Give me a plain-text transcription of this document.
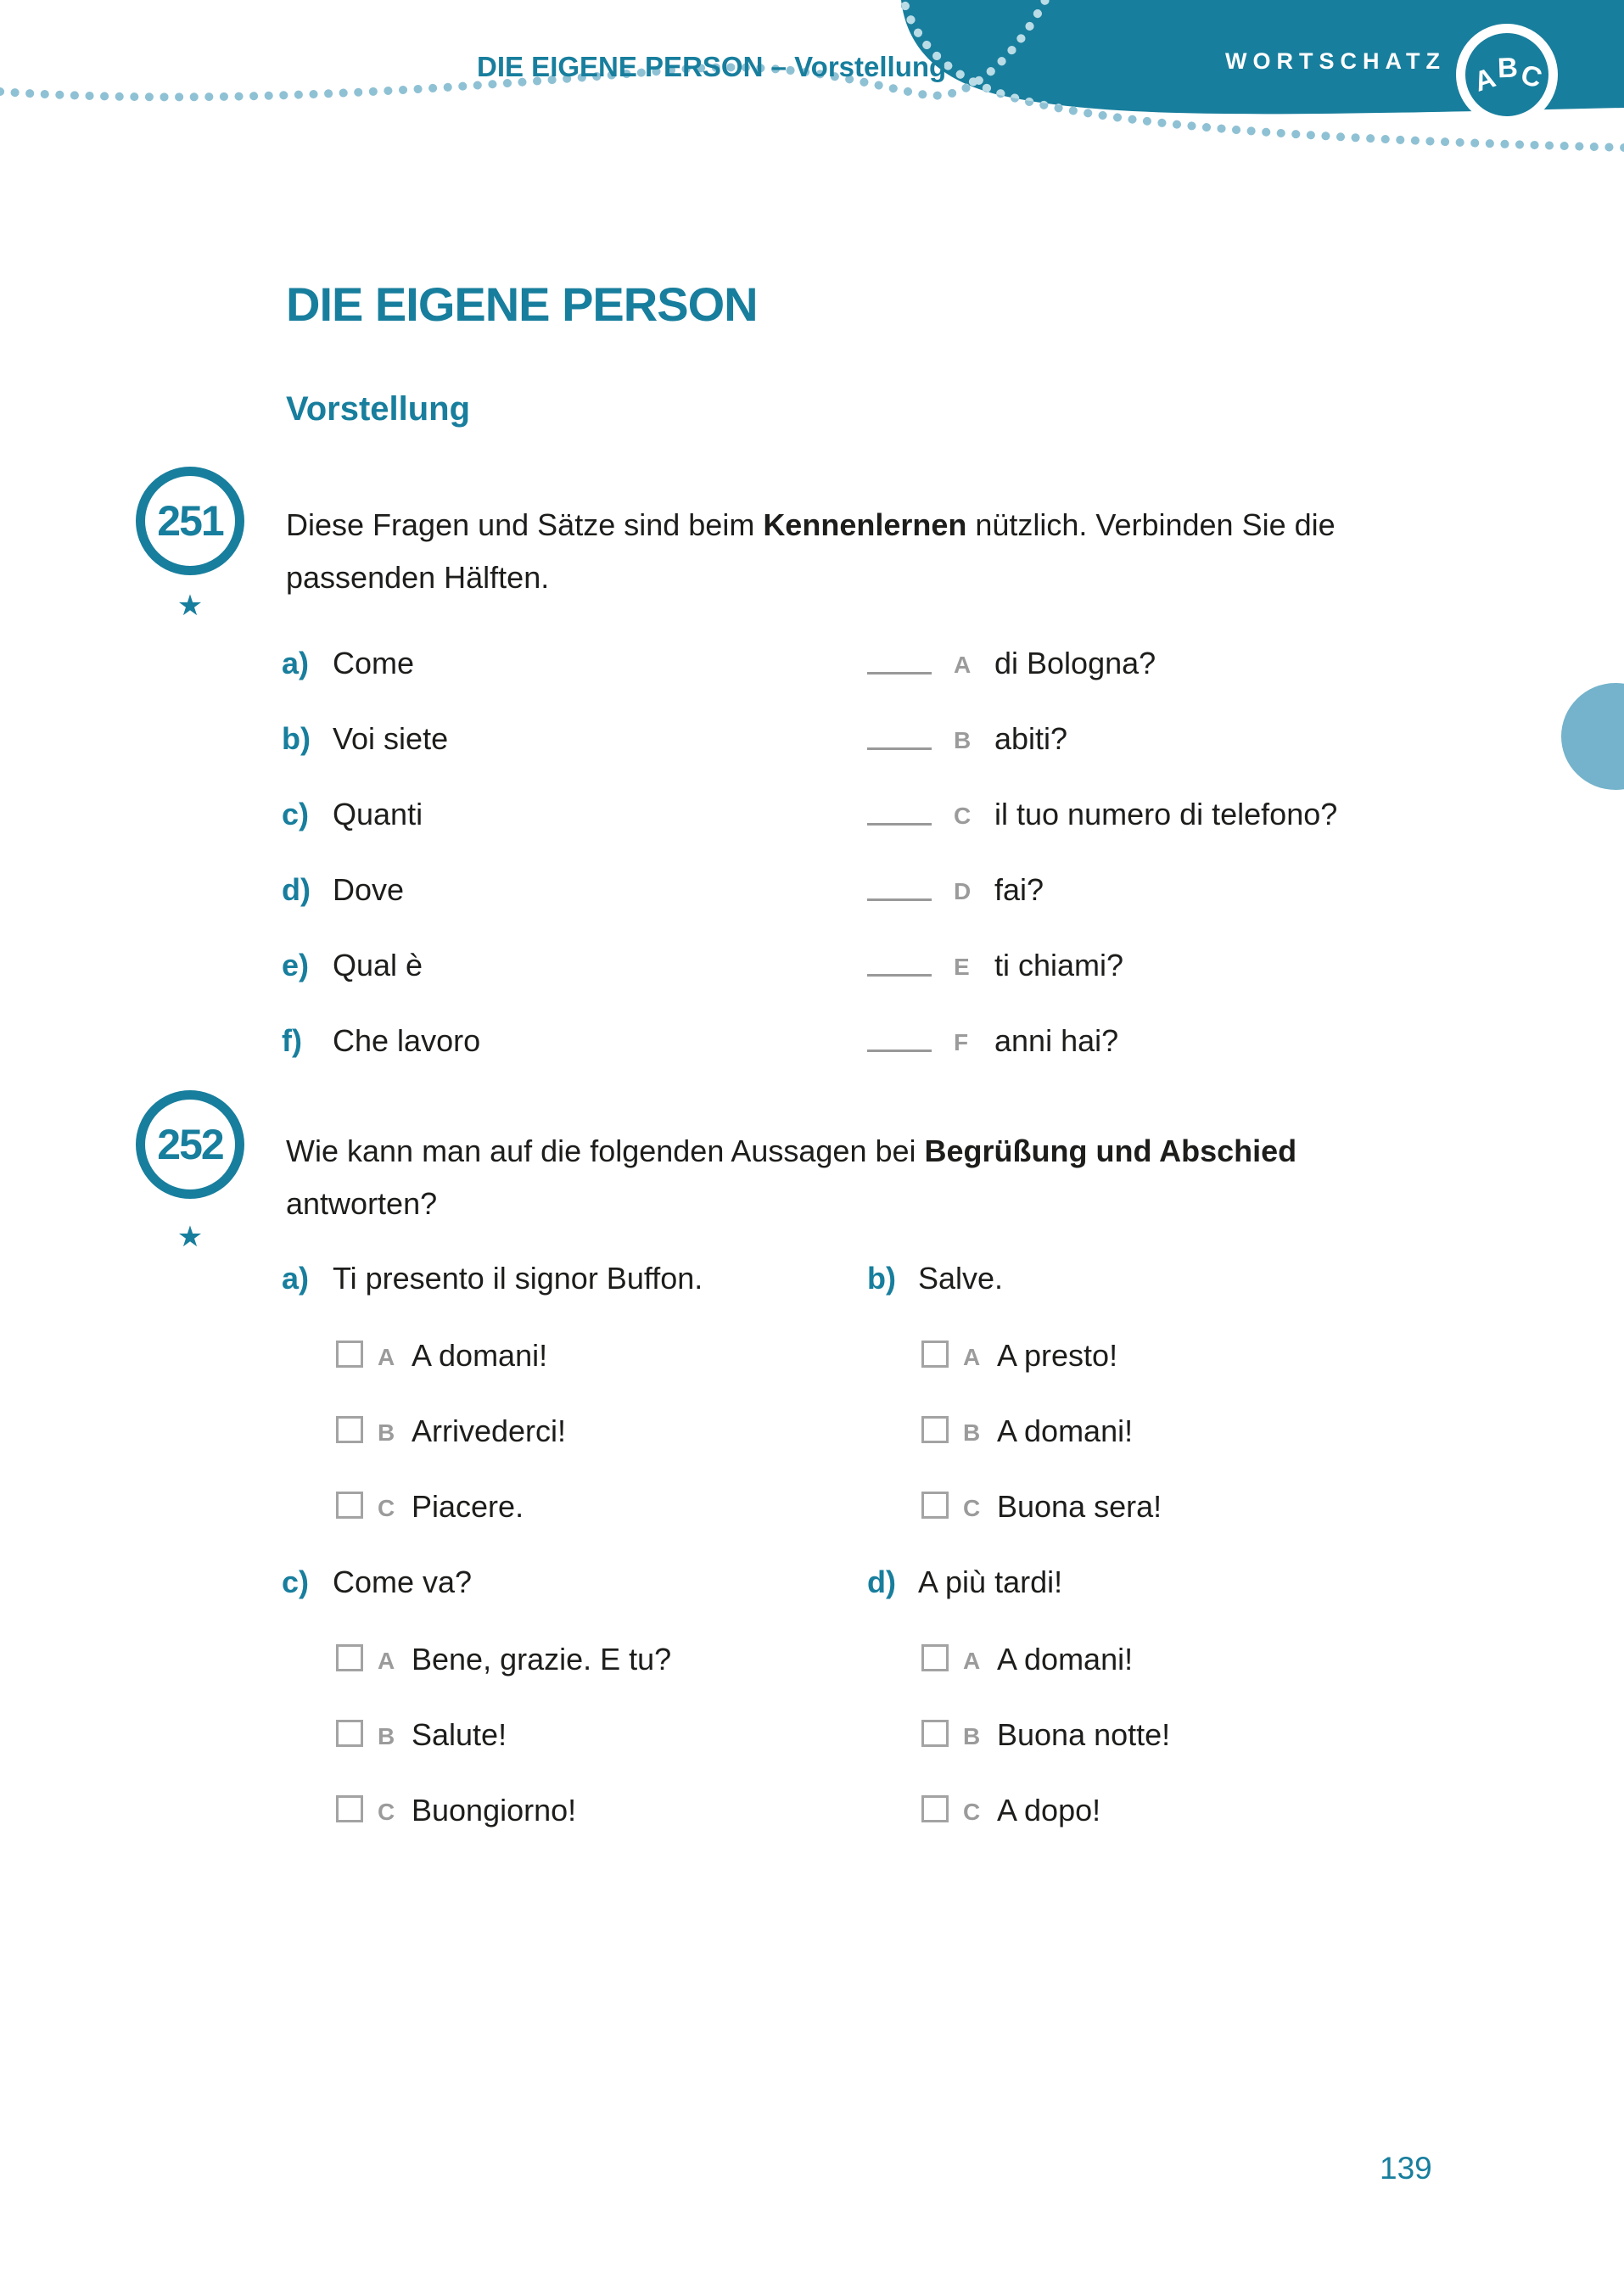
DIE EIGENE PERSON – Vorstellung	WORTSCHATZ
A
B C
DIE EIGENE PERSON
Vorstellung
251
★

Diese Fragen und Sätze sind beim Kennenlernen nützlich. Verbinden Sie die
passenden Hälften.

a) Come	A di Bologna?
b) Voi siete	B abiti?
c) Quanti	C il tuo numero di telefono?
d) Dove	D fai?
e) Qual è	E ti chiami?
f) Che lavoro	F anni hai?
252
★

Wie kann man auf die folgenden Aussagen bei Begrüßung und Abschied
antworten?

a) Ti presento il signor Buffon.	b) Salve.
A A domani!	A A presto!
B Arrivederci!	B A domani!
C Piacere.	C Buona sera!
c) Come va?	d) A più tardi!
A Bene, grazie. E tu?	A A domani!
B Salute!	B Buona notte!
C Buongiorno!	C A dopo!
139
